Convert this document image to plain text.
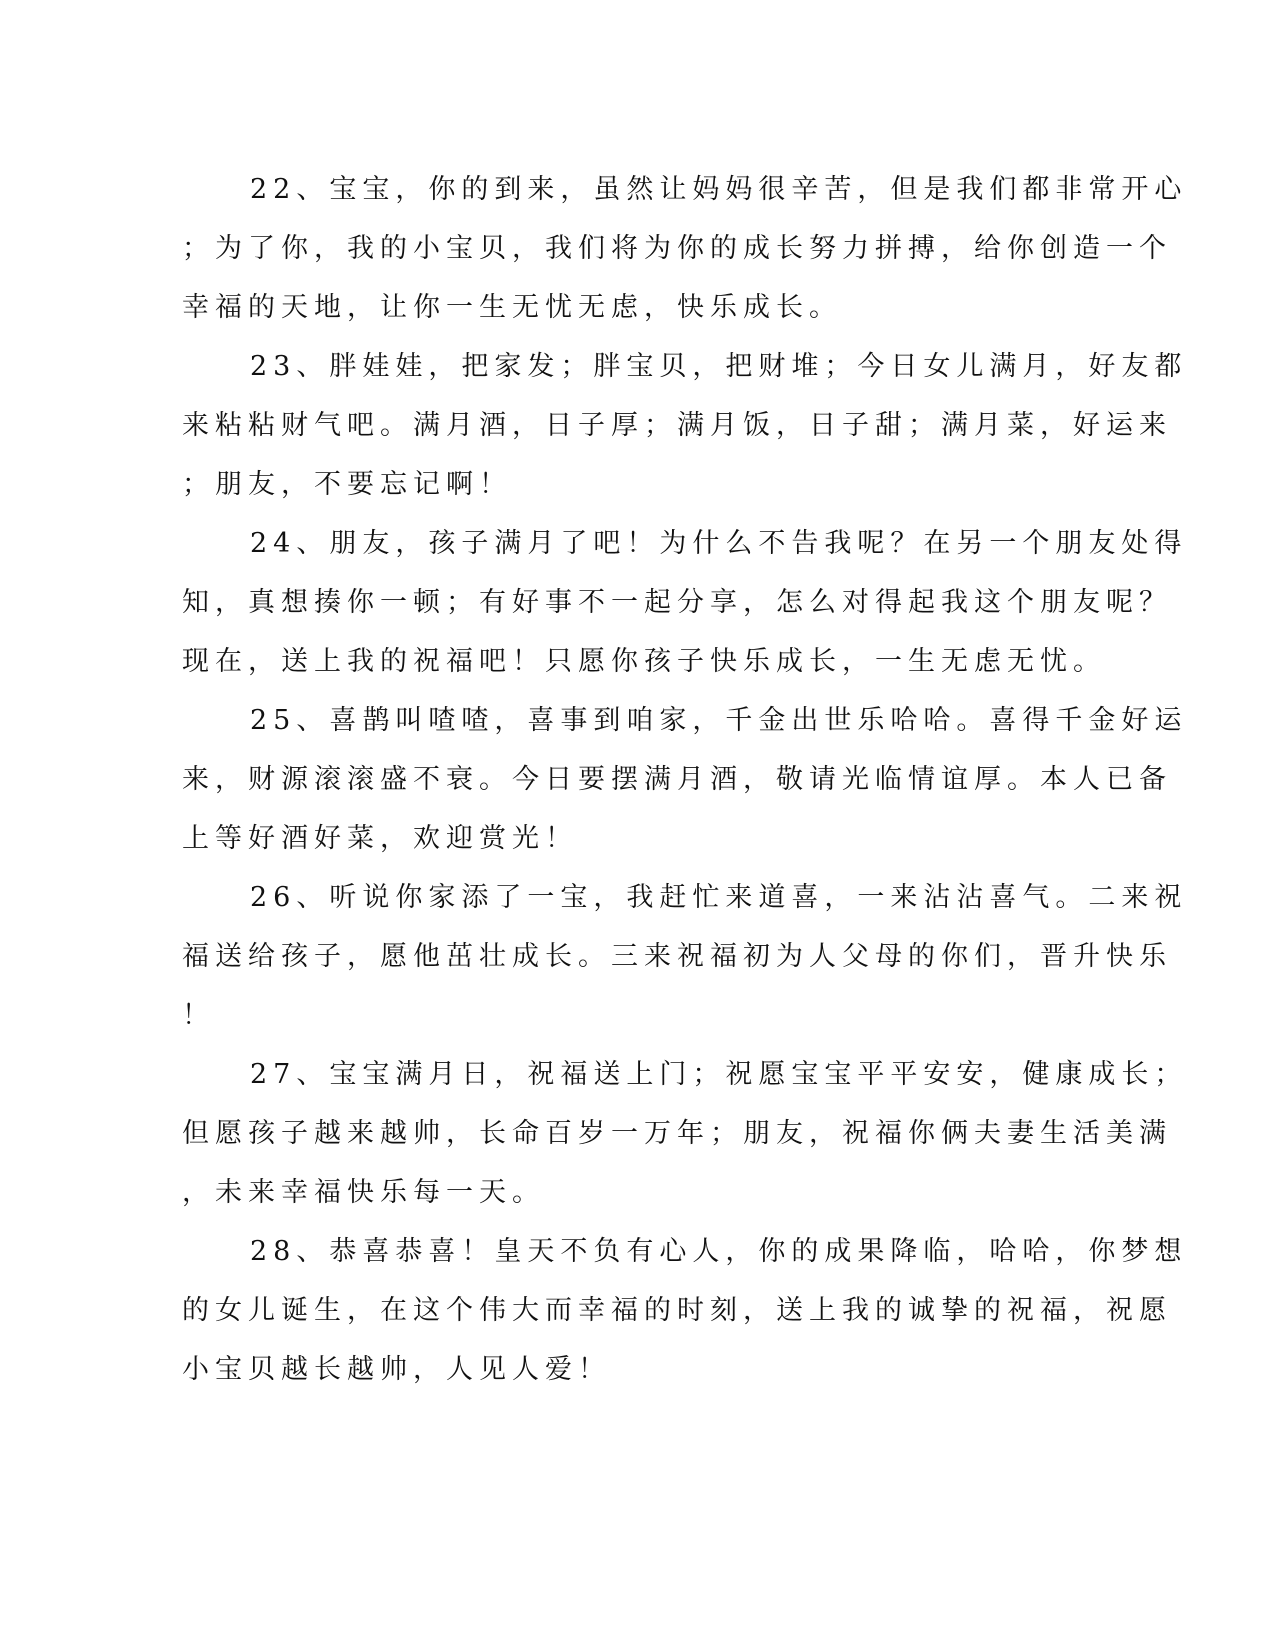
22、宝宝，你的到来，虽然让妈妈很辛苦，但是我们都非常开心
；为了你，我的小宝贝，我们将为你的成长努力拼搏，给你创造一个
幸福的天地，让你一生无忧无虑，快乐成长。

23、胖娃娃，把家发；胖宝贝，把财堆；今日女儿满月，好友都
来粘粘财气吧。满月酒，日子厚；满月饭，日子甜；满月菜，好运来
；朋友，不要忘记啊！

24、朋友，孩子满月了吧！为什么不告我呢？在另一个朋友处得
知，真想揍你一顿；有好事不一起分享，怎么对得起我这个朋友呢？
现在，送上我的祝福吧！只愿你孩子快乐成长，一生无虑无忧。

25、喜鹊叫喳喳，喜事到咱家，千金出世乐哈哈。喜得千金好运
来，财源滚滚盛不衰。今日要摆满月酒，敬请光临情谊厚。本人已备
上等好酒好菜，欢迎赏光！

26、听说你家添了一宝，我赶忙来道喜，一来沾沾喜气。二来祝
福送给孩子，愿他茁壮成长。三来祝福初为人父母的你们，晋升快乐
！

27、宝宝满月日，祝福送上门；祝愿宝宝平平安安，健康成长；
但愿孩子越来越帅，长命百岁一万年；朋友，祝福你俩夫妻生活美满
，未来幸福快乐每一天。

28、恭喜恭喜！皇天不负有心人，你的成果降临，哈哈，你梦想
的女儿诞生，在这个伟大而幸福的时刻，送上我的诚挚的祝福，祝愿
小宝贝越长越帅，人见人爱！
